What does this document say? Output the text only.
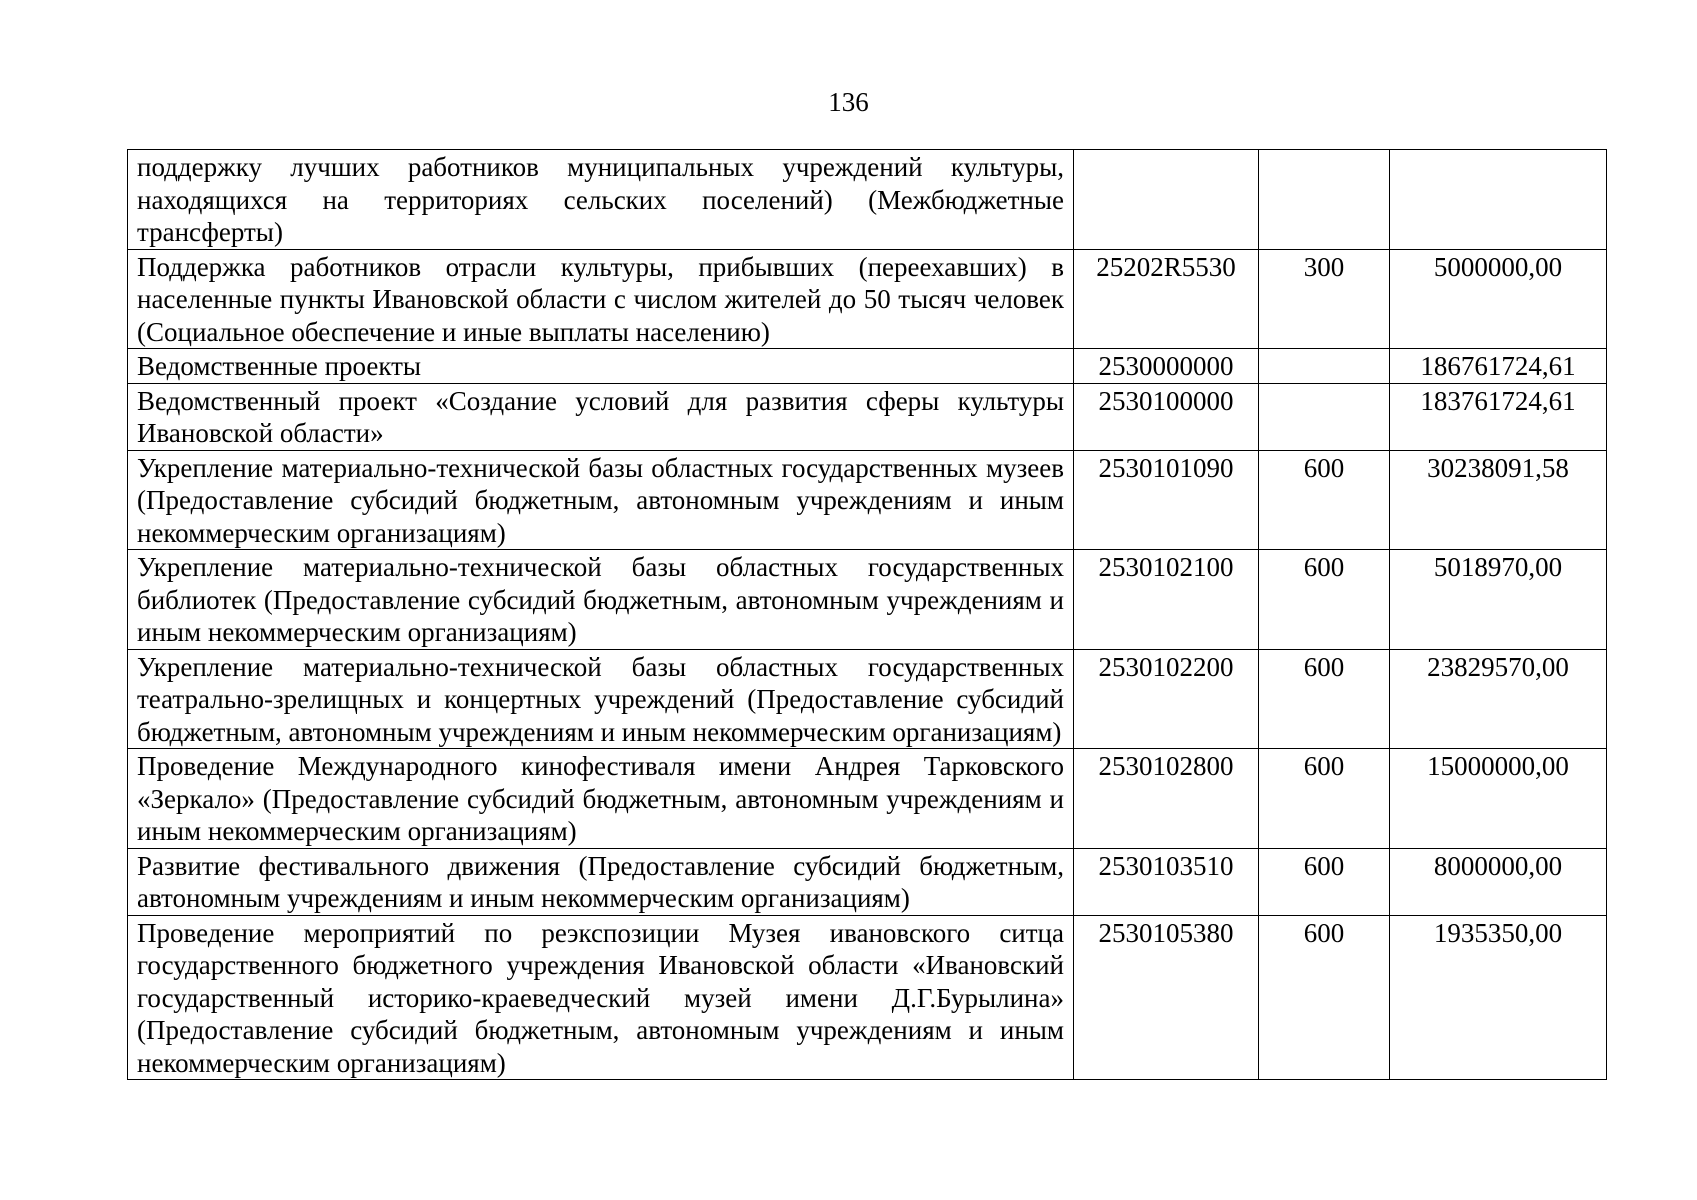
136
поддержку лучших работников муниципальных учреждений культуры, находящихся на территориях сельских поселений) (Межбюджетные трансферты)			
Поддержка работников отрасли культуры, прибывших (переехавших) в населенные пункты Ивановской области с числом жителей до 50 тысяч человек (Социальное обеспечение и иные выплаты населению)	25202R5530	300	5000000,00
Ведомственные проекты	2530000000		186761724,61
Ведомственный проект «Создание условий для развития сферы культуры Ивановской области»	2530100000		183761724,61
Укрепление материально-технической базы областных государственных музеев (Предоставление субсидий бюджетным, автономным учреждениям и иным некоммерческим организациям)	2530101090	600	30238091,58
Укрепление материально-технической базы областных государственных библиотек (Предоставление субсидий бюджетным, автономным учреждениям и иным некоммерческим организациям)	2530102100	600	5018970,00
Укрепление материально-технической базы областных государственных театрально-зрелищных и концертных учреждений (Предоставление субсидий бюджетным, автономным учреждениям и иным некоммерческим организациям)	2530102200	600	23829570,00
Проведение Международного кинофестиваля имени Андрея Тарковского «Зеркало» (Предоставление субсидий бюджетным, автономным учреждениям и иным некоммерческим организациям)	2530102800	600	15000000,00
Развитие фестивального движения (Предоставление субсидий бюджетным, автономным учреждениям и иным некоммерческим организациям)	2530103510	600	8000000,00
Проведение мероприятий по реэкспозиции Музея ивановского ситца государственного бюджетного учреждения Ивановской области «Ивановский государственный историко-краеведческий музей имени Д.Г.Бурылина» (Предоставление субсидий бюджетным, автономным учреждениям и иным некоммерческим организациям)	2530105380	600	1935350,00
